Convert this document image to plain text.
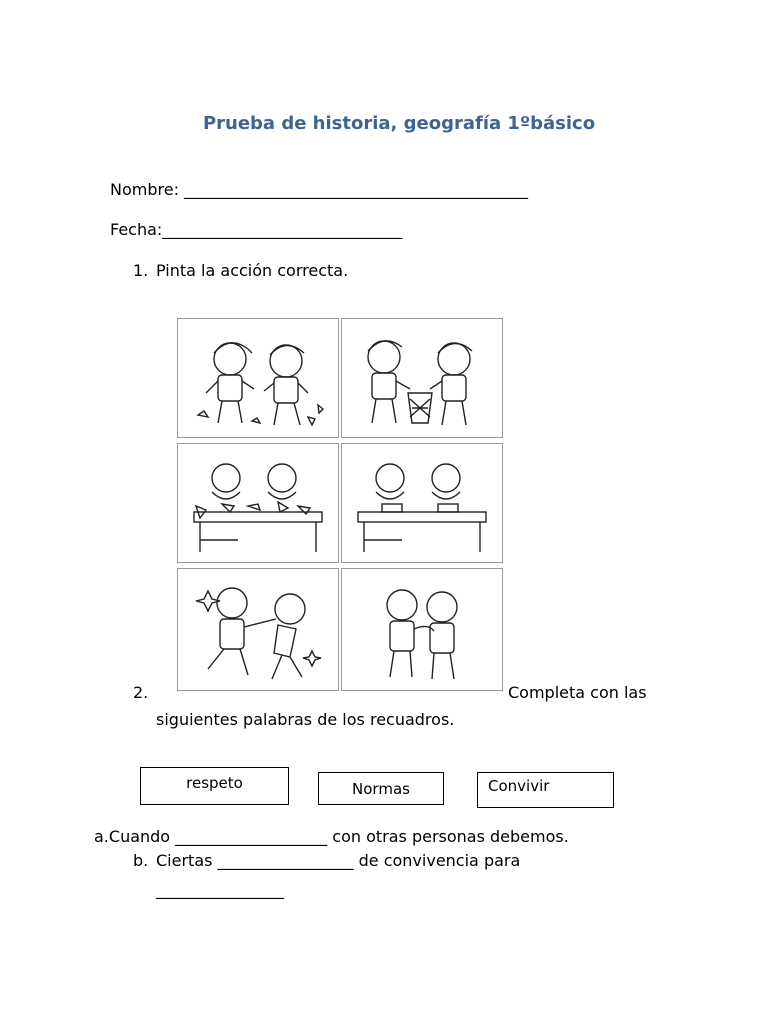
Prueba de historia, geografía 1ºbásico
Nombre: ___________________________________________
Fecha:______________________________
1. Pinta la acción correcta.
2.	Completa con las
siguientes palabras de los recuadros.
respeto	Normas	Convivir
a.Cuando ___________________ con otras personas debemos.
b. Ciertas _________________ de convivencia para
________________
